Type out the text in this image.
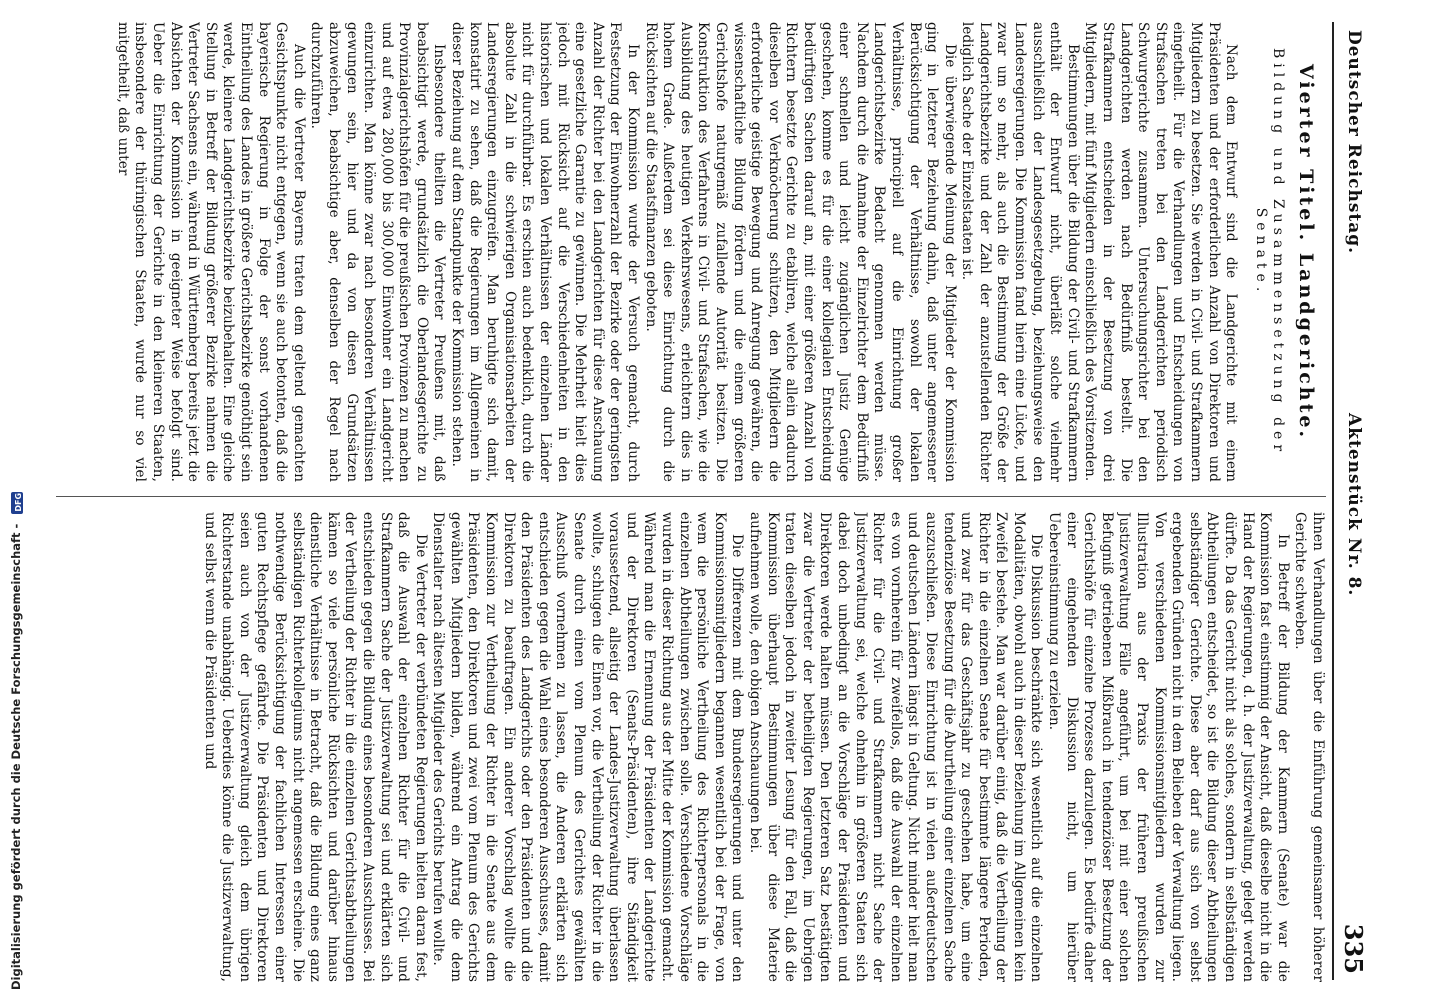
Deutscher Reichstag.
Aktenstück Nr. 8.
335
Vierter Titel. Landgerichte.
Bildung und Zusammensetzung der Senate.

Nach dem Entwurf sind die Landgerichte mit einem Präsidenten und der erforderlichen Anzahl von Direktoren und Mitgliedern zu besetzen. Sie werden in Civil- und Strafkammern eingetheilt. Für die Verhandlungen und Entscheidungen von Strafsachen treten bei den Landgerichten periodisch Schwurgerichte zusammen. Untersuchungsrichter bei den Landgerichten werden nach Bedürfniß bestellt. Die Strafkammern entscheiden in der Besetzung von drei Mitgliedern, mit fünf Mitgliedern einschließlich des Vorsitzenden.

Bestimmungen über die Bildung der Civil- und Strafkammern enthält der Entwurf nicht, überläßt solche vielmehr ausschließlich der Landesgesetzgebung, beziehungsweise den Landesregierungen. Die Kommission fand hierin eine Lücke, und zwar um so mehr, als auch die Bestimmung der Größe der Landgerichtsbezirke und der Zahl der anzustellenden Richter lediglich Sache der Einzelstaaten ist.

Die überwiegende Meinung der Mitglieder der Kommission ging in letzterer Beziehung dahin, daß unter angemessener Berücksichtigung der Verhältnisse, sowohl der lokalen Verhältnisse, principiell auf die Einrichtung großer Landgerichtsbezirke Bedacht genommen werden müsse. Nachdem durch die Annahme der Einzelrichter dem Bedürfniß einer schnellen und leicht zugänglichen Justiz Genüge geschehen, komme es für die einer kollegialen Entscheidung bedürftigen Sachen darauf an, mit einer größeren Anzahl von Richtern besetzte Gerichte zu etabliren, welche allein dadurch dieselben vor Verknöcherung schützen, den Mitgliedern die erforderliche geistige Bewegung und Anregung gewähren, die wissenschaftliche Bildung fördern und die einem größeren Gerichtshofe naturgemäß zufallende Autorität besitzen. Die Konstruktion des Verfahrens in Civil- und Strafsachen, wie die Ausbildung des heutigen Verkehrswesens, erleichtern dies in hohem Grade. Außerdem sei diese Einrichtung durch die Rücksichten auf die Staatsfinanzen geboten.

In der Kommission wurde der Versuch gemacht, durch Festsetzung der Einwohnerzahl der Bezirke oder der geringsten Anzahl der Richter bei den Landgerichten für diese Anschauung eine gesetzliche Garantie zu gewinnen. Die Mehrheit hielt dies jedoch mit Rücksicht auf die Verschiedenheiten in den historischen und lokalen Verhältnissen der einzelnen Länder nicht für durchführbar. Es erschien auch bedenklich, durch die absolute Zahl in die schwierigen Organisationsarbeiten der Landesregierungen einzugreifen. Man beruhigte sich damit, konstatirt zu sehen, daß die Regierungen im Allgemeinen in dieser Beziehung auf dem Standpunkte der Kommission stehen.

Insbesondere theilten die Vertreter Preußens mit, daß beabsichtigt werde, grundsätzlich die Oberlandesgerichte zu Provinzialgerichtshöfen für die preußischen Provinzen zu machen und auf etwa 280,000 bis 300,000 Einwohner ein Landgericht einzurichten. Man könne zwar nach besonderen Verhältnissen gewungen sein, hier und da von diesen Grundsätzen abzuweichen, beabsichtige aber, denselben der Regel nach durchzuführen.

Auch die Vertreter Bayerns traten dem geltend gemachten Gesichtspunkte nicht entgegen, wenn sie auch betonten, daß die bayerische Regierung in Folge der sonst vorhandenen Eintheilung des Landes in größere Gerichtsbezirke genöthigt sein werde, kleinere Landgerichtsbezirke beizubehalten. Eine gleiche Stellung in Betreff der Bildung größerer Bezirke nahmen die Vertreter Sachsens ein, während in Württemberg bereits jetzt die Absichten der Kommission in geeigneter Weise befolgt sind. Ueber die Einrichtung der Gerichte in den kleineren Staaten, insbesondere der thüringischen Staaten, wurde nur so viel mitgetheilt, daß unter

ihnen Verhandlungen über die Einführung gemeinsamer höherer Gerichte schweben.

In Betreff der Bildung der Kammern (Senate) war die Kommission fast einstimmig der Ansicht, daß dieselbe nicht in die Hand der Regierungen, d. h. der Justizverwaltung, gelegt werden dürfte. Da das Gericht nicht als solches, sondern in selbständigen Abtheilungen entscheidet, so ist die Bildung dieser Abtheilungen selbständiger Gerichte. Diese aber darf aus sich von selbst ergebenden Gründen nicht in dem Belieben der Verwaltung liegen. Von verschiedenen Kommissionsmitgliedern wurden zur Illustration aus der Praxis der früheren preußischen Justizverwaltung Fälle angeführt, um bei mit einer solchen Befugniß getriebenen Mißbrauch in tendenziöser Besetzung der Gerichtshöfe für einzelne Prozesse darzulegen. Es bedürfe daher einer eingehenden Diskussion nicht, um hierüber Uebereinstimmung zu erzielen.

Die Diskussion beschränkte sich wesentlich auf die einzelnen Modalitäten, obwohl auch in dieser Beziehung im Allgemeinen kein Zweifel bestehe. Man war darüber einig, daß die Vertheilung der Richter in die einzelnen Senate für bestimmte längere Perioden, und zwar für das Geschäftsjahr zu geschehen habe, um eine tendenziöse Besetzung für die Aburtheilung einer einzelnen Sache auszuschließen. Diese Einrichtung ist in vielen außerdeutschen und deutschen Ländern längst in Geltung. Nicht minder hielt man es von vornherein für zweifellos, daß die Auswahl der einzelnen Richter für die Civil- und Strafkammern nicht Sache der Justizverwaltung sei, welche ohnehin in größeren Staaten sich dabei doch unbedingt an die Vorschläge der Präsidenten und Direktoren werde halten müssen. Den letzteren Satz bestätigten zwar die Vertreter der betheiligten Regierungen, im Uebrigen traten dieselben jedoch in zweiter Lesung für den Fall, daß die Kommission überhaupt Bestimmungen über diese Materie aufnehmen wolle, den obigen Anschauungen bei.

Die Differenzen mit dem Bundesregierungen und unter den Kommissionsmitgliedern begannen wesentlich bei der Frage, von wem die persönliche Vertheilung des Richterpersonals in die einzelnen Abtheilungen zwischen solle. Verschiedene Vorschläge wurden in dieser Richtung aus der Mitte der Kommission gemacht. Während man die Ernennung der Präsidenten der Landgerichte und der Direktoren (Senats-Präsidenten), ihre Ständigkeit voraussetzend, allseitig der Landes-Justizverwaltung überlassen wollte, schlugen die Einen vor, die Vertheilung der Richter in die Senate durch einen vom Plenum des Gerichtes gewählten Ausschuß vornehmen zu lassen, die Anderen erklärten sich entschieden gegen die Wahl eines besonderen Ausschusses, damit den Präsidenten des Landgerichts oder den Präsidenten und die Direktoren zu beauftragen. Ein anderer Vorschlag wollte die Kommission zur Vertheilung der Richter in die Senate aus dem Präsidenten, den Direktoren und zwei vom Plenum des Gerichts gewählten Mitgliedern bilden, während ein Antrag die dem Dienstalter nach ältesten Mitglieder des Gerichts berufen wollte.

Die Vertreter der verbündeten Regierungen hielten daran fest, daß die Auswahl der einzelnen Richter für die Civil- und Strafkammern Sache der Justizverwaltung sei und erklärten sich entschieden gegen die Bildung eines besonderen Ausschusses. Bei der Vertheilung der Richter in die einzelnen Gerichtsabtheilungen kämen so viele persönliche Rücksichten und darüber hinaus dienstliche Verhältnisse in Betracht, daß die Bildung eines ganz selbständigen Richterkollegiums nicht angemessen erscheine. Die nothwendige Berücksichtigung der fachlichen Interessen einer guten Rechtspflege gefährde. Die Präsidenten und Direktoren seien auch von der Justizverwaltung gleich dem übrigen Richterstande unabhängig. Ueberdies könne die Justizverwaltung, und selbst wenn die Präsidenten und

Digitalisierung gefördert durch die Deutsche Forschungsgemeinschaft -
DFG
